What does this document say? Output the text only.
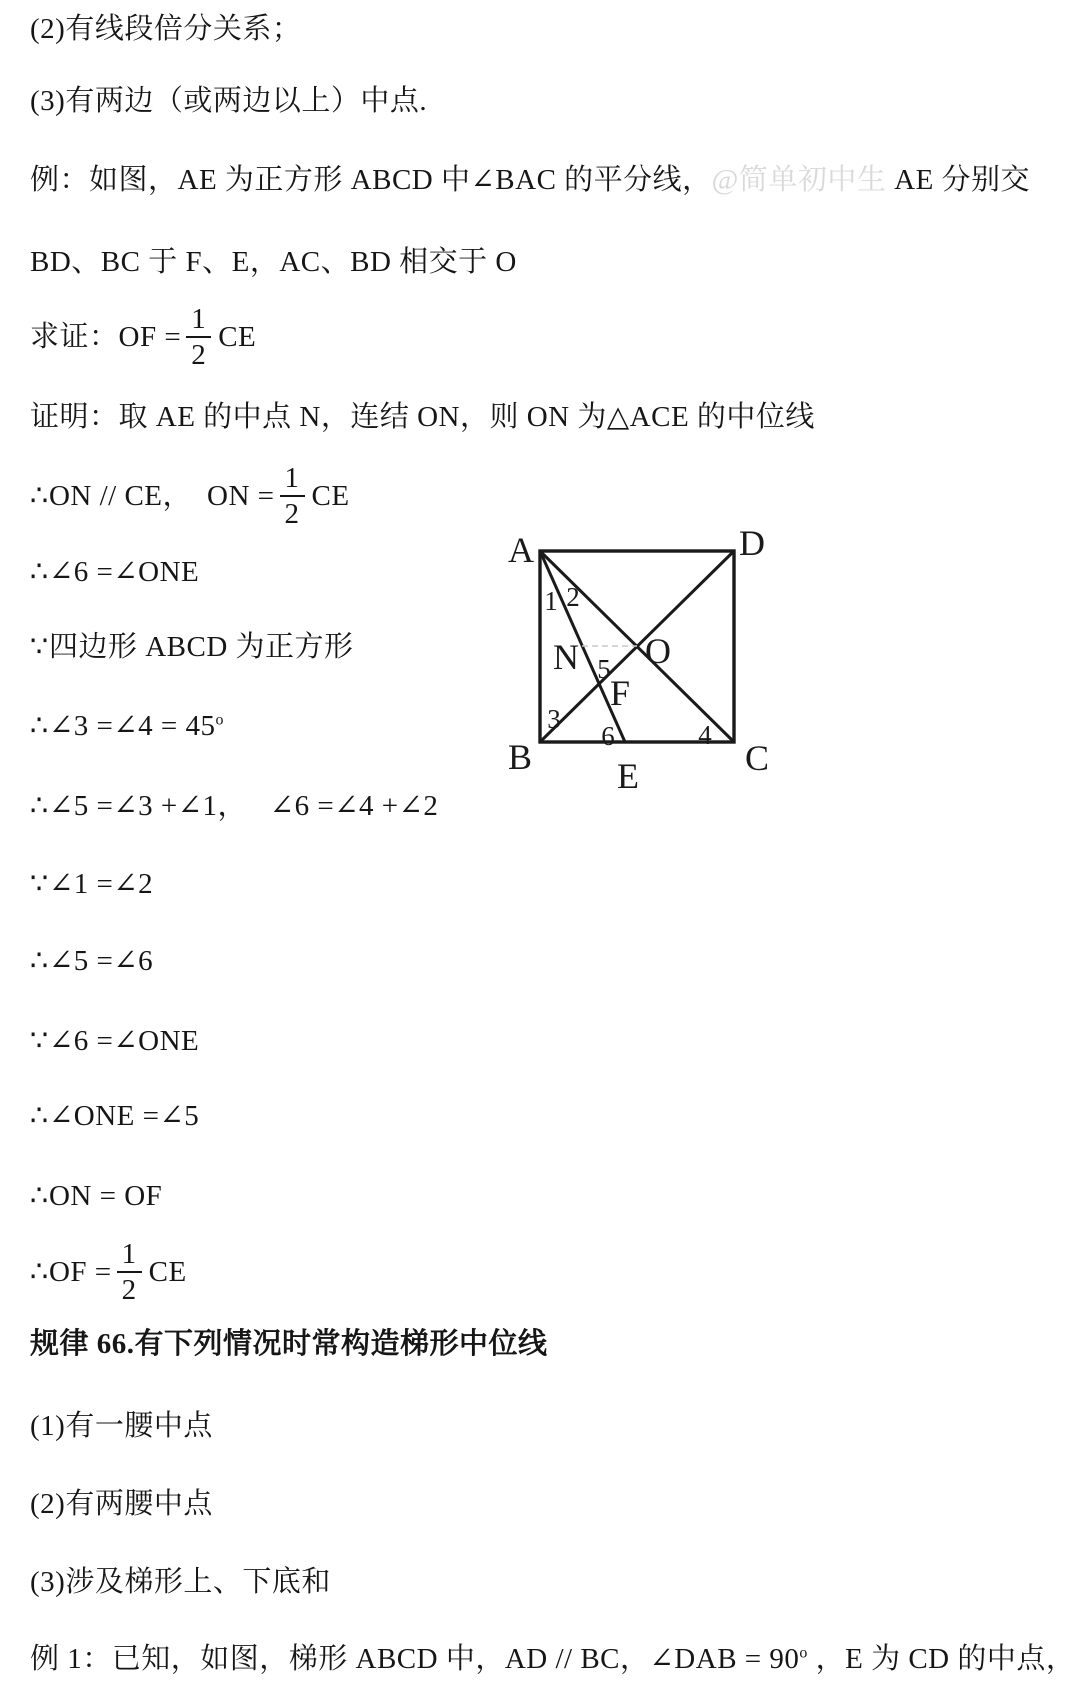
(2)有线段倍分关系；

(3)有两边（或两边以上）中点.

例：如图，AE 为正方形 ABCD 中∠BAC 的平分线，@简单初中生 AE 分别交

BD、BC 于 F、E，AC、BD 相交于 O

求证：OF = $\frac{1}{2}$ CE

证明：取 AE 的中点 N，连结 ON，则 ON 为△ACE 的中位线

∴ON // CE，　ON = $\frac{1}{2}$ CE

∴∠6 =∠ONE

∵四边形 ABCD 为正方形

∴∠3 =∠4 = $45^o$

∴∠5 =∠3 +∠1，　 ∠6 =∠4 +∠2

∵∠1 =∠2

∴∠5 =∠6

∵∠6 =∠ONE

∴∠ONE =∠5

∴ON = OF

∴OF = $\frac{1}{2}$ CE

规律 66.有下列情况时常构造梯形中位线

(1)有一腰中点

(2)有两腰中点

(3)涉及梯形上、下底和

例 1：已知，如图，梯形 ABCD 中，AD // BC，∠DAB = $90^o$ ，E 为 CD 的中点，

A	D
B	C
E
O
N
F
1 2
3
4
5
6
